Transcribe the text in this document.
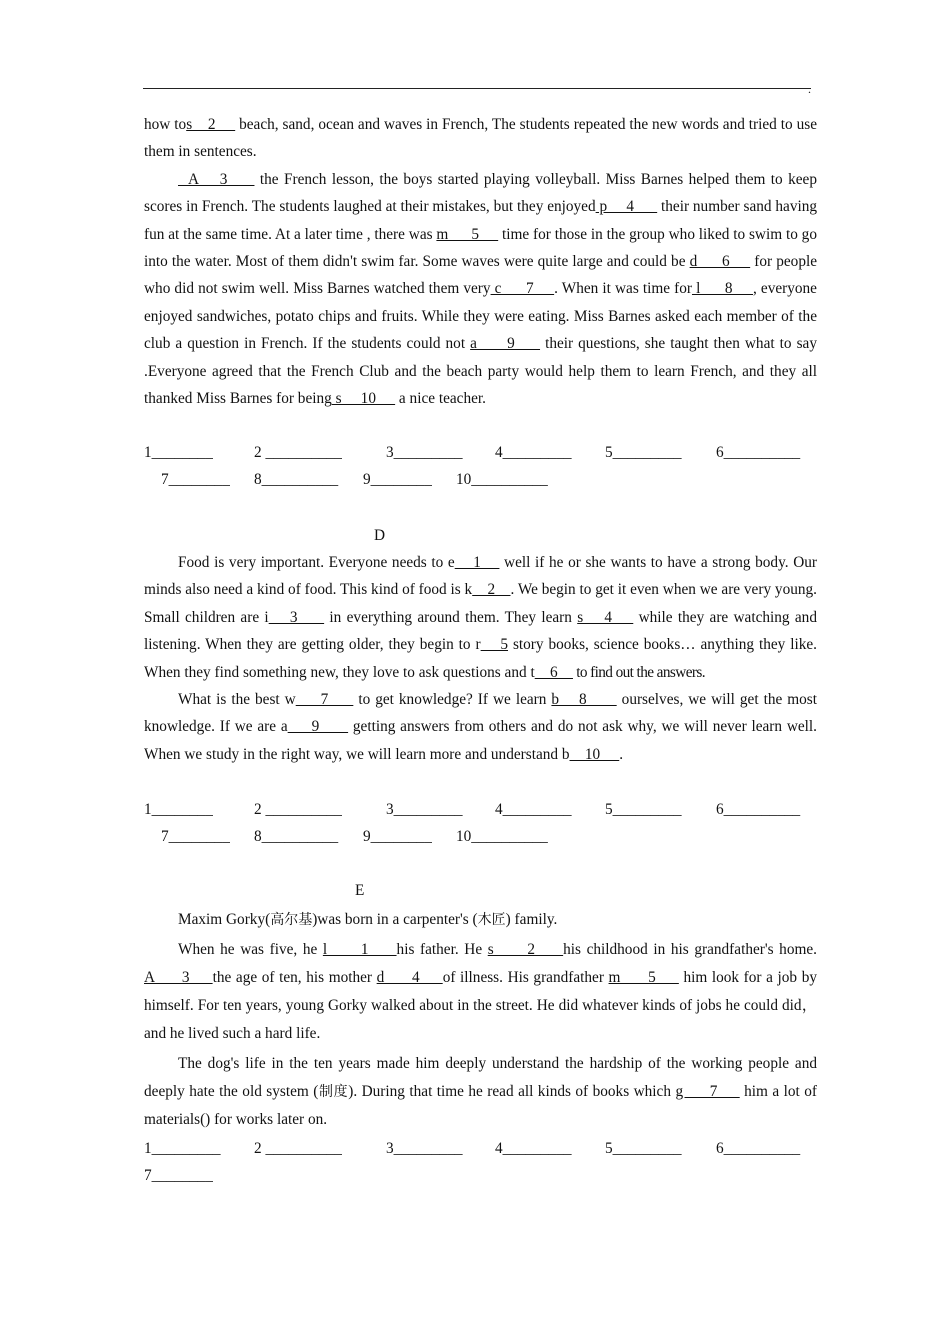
.

how tos    2      beach, sand, ocean and waves in French, The students repeated the new words and tried to use them in sentences.

A    3      the French lesson, the boys started playing volleyball. Miss Barnes helped them to keep scores in French. The students laughed at their mistakes, but they enjoyed p     4       their number sand having fun at the same time. At a later time , there was m      5      time for those in the group who liked to swim to go into the water. Most of them didn't swim far. Some waves were quite large and could be d      6      for people who did not swim well. Miss Barnes watched them very c      7     . When it was time for l      8     , everyone enjoyed sandwiches, potato chips and fruits. While they were eating. Miss Barnes asked each member of the club a question in French. If the students could not a      9      their questions, she taught then what to say .Everyone agreed that the French Club and the beach party would help them to learn French, and they all thanked Miss Barnes for being s     10      a nice teacher.

1________	2 __________	3_________ 4_________ 5_________ 6__________
7________ 8__________ 9________ 10__________
D

Food is very important. Everyone needs to e    1     well if he or she wants to have a strong body. Our minds also need a kind of food. This kind of food is k    2    . We begin to get it even when we are very young. Small children are i    3      in everything around them. They learn s    4     while they are watching and listening. When they are getting older, they begin to r    5 story books, science books… anything they like. When they find something new, they love to ask questions and t    6     to find out the answers.

What is the best w     7      to get knowledge? If we learn b    8       ourselves, we will get the most knowledge. If we are a     9       getting answers from others and do not ask why, we will never learn well. When we study in the right way, we will learn more and understand b    10     .

1________	2 __________	3_________ 4_________ 5_________ 6__________
7________ 8__________ 9________ 10__________
E

Maxim Gorky(高尔基)was born in a carpenter's (木匠) family.

When he was five, he l      1     his father. He s      2     his childhood in his grandfather's home. A      3     the age of ten, his mother d      4     of illness. His grandfather m      5      him look for a job by himself. For ten years, young Gorky walked about in the street. He did whatever kinds of jobs he could did，and he lived such a hard life.

The dog's life in the ten years made him deeply understand the hardship of the working people and deeply hate the old system (制度). During that time he read all kinds of books which g      7      him a lot of materials() for works later on.

1_________ 2 __________	3_________ 4_________ 5_________ 6__________
7________
